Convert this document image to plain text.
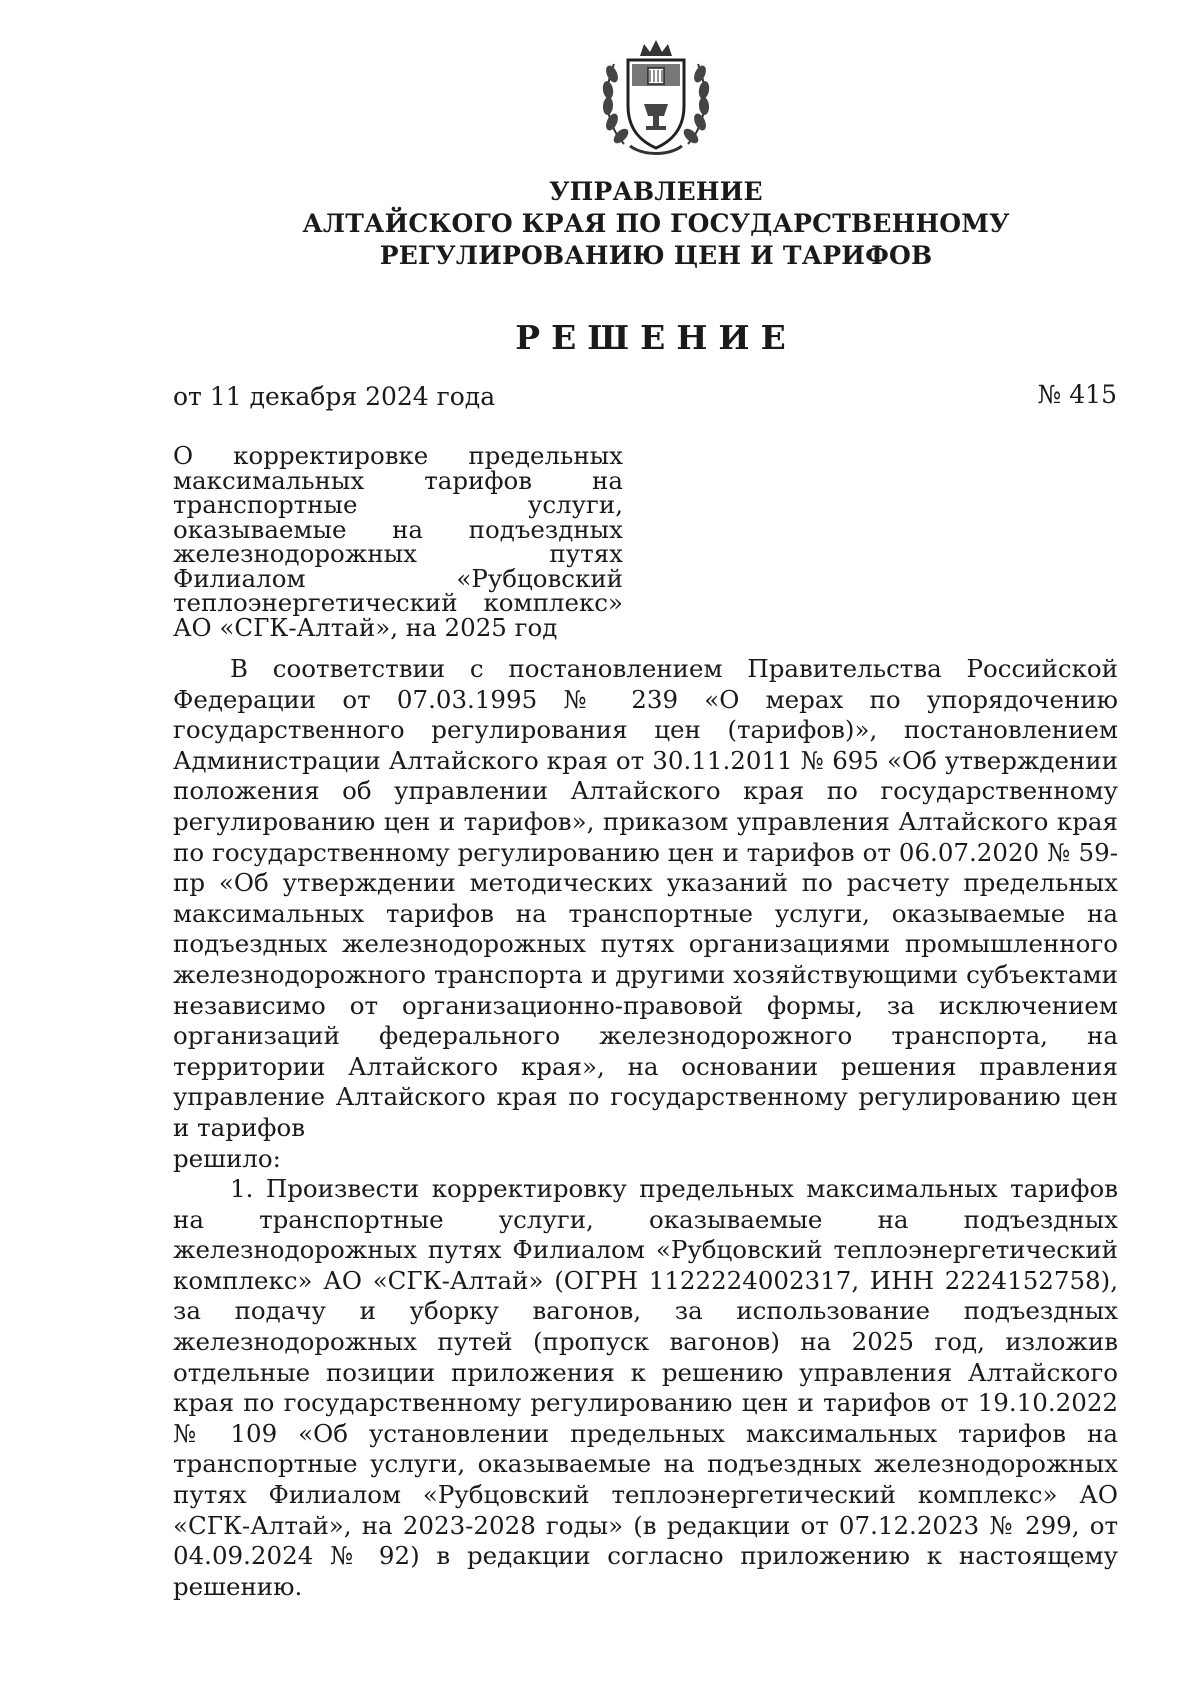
УПРАВЛЕНИЕ
АЛТАЙСКОГО КРАЯ ПО ГОСУДАРСТВЕННОМУ
РЕГУЛИРОВАНИЮ ЦЕН И ТАРИФОВ
РЕШЕНИЕ
от 11 декабря 2024 года	№ 415
О корректировке предельных максимальных тарифов на транспортные услуги, оказываемые на подъездных железнодорожных путях Филиалом «Рубцовский теплоэнергетический комплекс» АО «СГК-Алтай», на 2025 год

В соответствии с постановлением Правительства Российской Федерации от 07.03.1995 № 239 «О мерах по упорядочению государственного регулирования цен (тарифов)», постановлением Администрации Алтайского края от 30.11.2011 № 695 «Об утверждении положения об управлении Алтайского края по государственному регулированию цен и тарифов», приказом управления Алтайского края по государственному регулированию цен и тарифов от 06.07.2020 № 59-пр «Об утверждении методических указаний по расчету предельных максимальных тарифов на транспортные услуги, оказываемые на подъездных железнодорожных путях организациями промышленного железнодорожного транспорта и другими хозяйствующими субъектами независимо от организационно-правовой формы, за исключением организаций федерального железнодорожного транспорта, на территории Алтайского края», на основании решения правления управление Алтайского края по государственному регулированию цен и тарифов

решило:

1. Произвести корректировку предельных максимальных тарифов на транспортные услуги, оказываемые на подъездных железнодорожных путях Филиалом «Рубцовский теплоэнергетический комплекс» АО «СГК-Алтай» (ОГРН 1122224002317, ИНН 2224152758), за подачу и уборку вагонов, за использование подъездных железнодорожных путей (пропуск вагонов) на 2025 год, изложив отдельные позиции приложения к решению управления Алтайского края по государственному регулированию цен и тарифов от 19.10.2022 № 109 «Об установлении предельных максимальных тарифов на транспортные услуги, оказываемые на подъездных железнодорожных путях Филиалом «Рубцовский теплоэнергетический комплекс» АО «СГК-Алтай», на 2023-2028 годы» (в редакции от 07.12.2023 № 299, от 04.09.2024 № 92) в редакции согласно приложению к настоящему решению.
